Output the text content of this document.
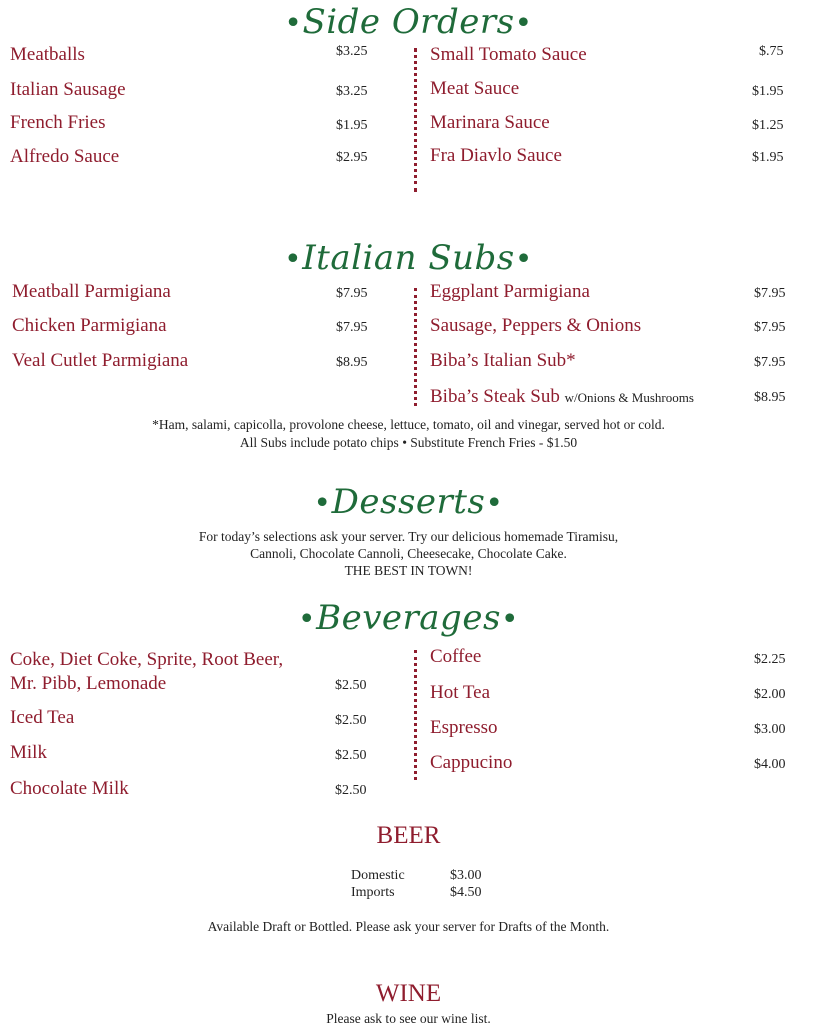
•Side Orders•
Meatballs	$3.25
Italian Sausage	$3.25
French Fries	$1.95
Alfredo Sauce	$2.95
Small Tomato Sauce	$.75
Meat Sauce	$1.95
Marinara Sauce	$1.25
Fra Diavlo Sauce	$1.95
•Italian Subs•
Meatball Parmigiana	$7.95
Chicken Parmigiana	$7.95
Veal Cutlet Parmigiana	$8.95
Eggplant Parmigiana	$7.95
Sausage, Peppers & Onions	$7.95
Biba’s Italian Sub*	$7.95
Biba’s Steak Sub w/Onions & Mushrooms	$8.95
*Ham, salami, capicolla, provolone cheese, lettuce, tomato, oil and vinegar, served hot or cold.
All Subs include potato chips • Substitute French Fries - $1.50
•Desserts•
For today’s selections ask your server. Try our delicious homemade Tiramisu,
Cannoli, Chocolate Cannoli, Cheesecake, Chocolate Cake.
THE BEST IN TOWN!
•Beverages•
Coke, Diet Coke, Sprite, Root Beer,
Mr. Pibb, Lemonade	$2.50
Iced Tea	$2.50
Milk	$2.50
Chocolate Milk	$2.50
Coffee	$2.25
Hot Tea	$2.00
Espresso	$3.00
Cappucino	$4.00
BEER
Domestic	$3.00
Imports	$4.50
Available Draft or Bottled. Please ask your server for Drafts of the Month.
WINE
Please ask to see our wine list.
